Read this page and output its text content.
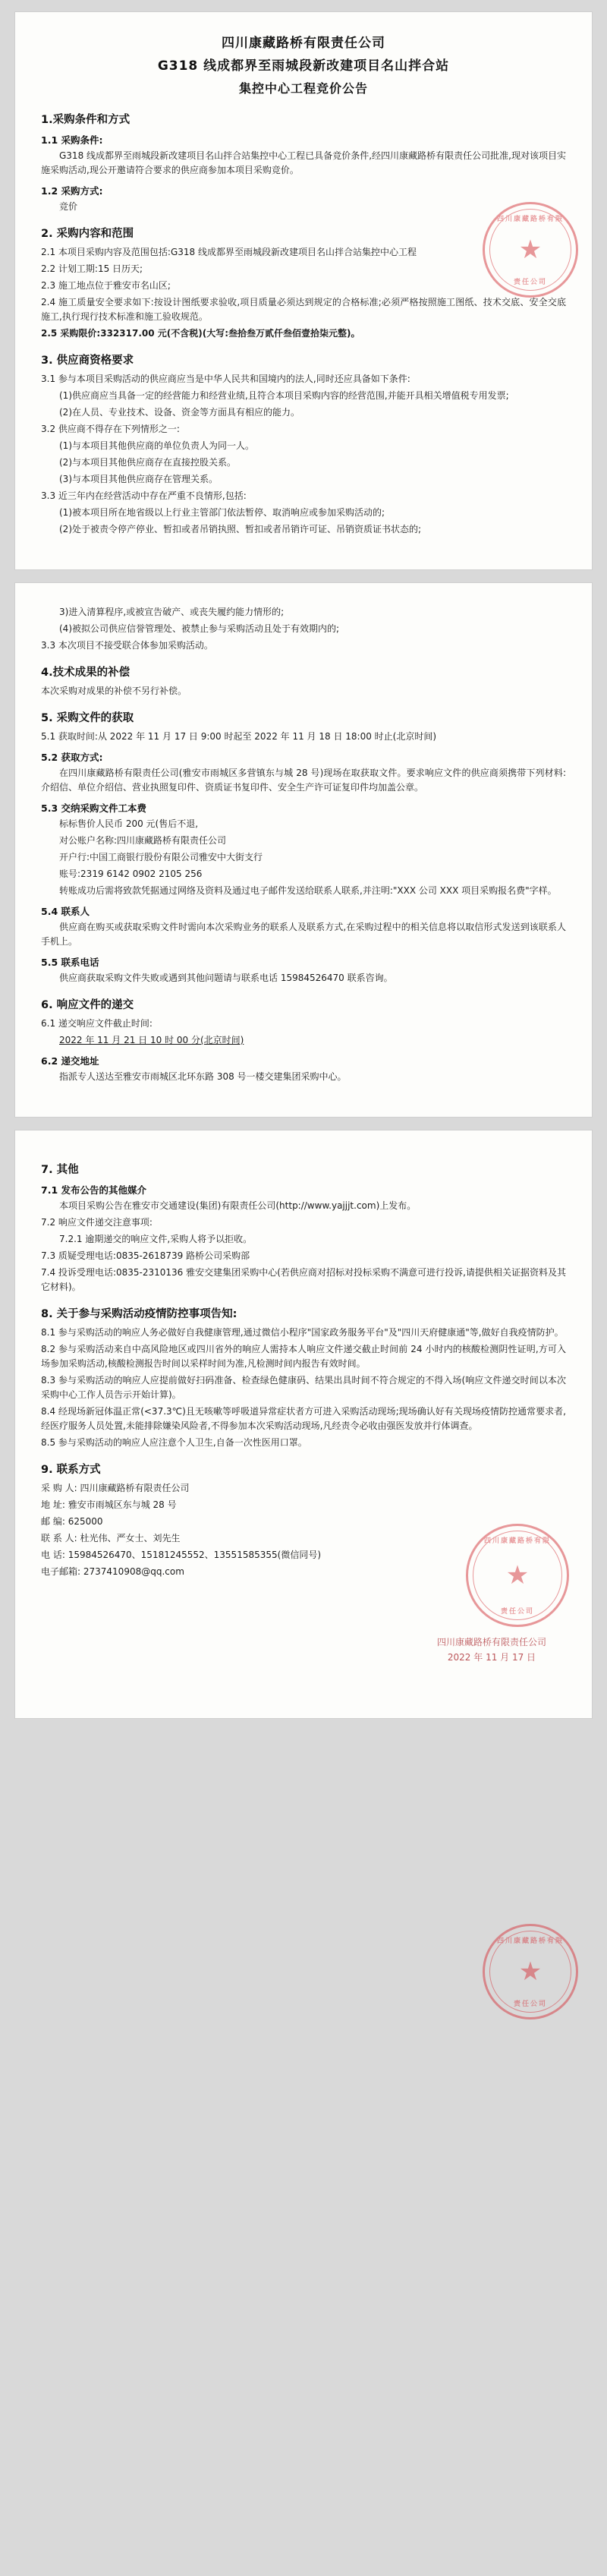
四川康藏路桥有限
★
责任公司
四川康藏路桥有限责任公司
G318 线成都界至雨城段新改建项目名山拌合站
集控中心工程竞价公告
1.采购条件和方式
1.1 采购条件:

G318 线成都界至雨城段新改建项目名山拌合站集控中心工程已具备竞价条件,经四川康藏路桥有限责任公司批准,现对该项目实施采购活动,现公开邀请符合要求的供应商参加本项目采购竞价。

1.2 采购方式:

竞价

2. 采购内容和范围

2.1 本项目采购内容及范围包括:G318 线成都界至雨城段新改建项目名山拌合站集控中心工程

2.2 计划工期:15 日历天;

2.3 施工地点位于雅安市名山区;

2.4 施工质量安全要求如下:按设计图纸要求验收,项目质量必须达到规定的合格标准;必须严格按照施工图纸、技术交底、安全交底施工,执行现行技术标准和施工验收规范。

2.5 采购限价:332317.00 元(不含税)(大写:叁拾叁万贰仟叁佰壹拾柒元整)。

3. 供应商资格要求

3.1 参与本项目采购活动的供应商应当是中华人民共和国境内的法人,同时还应具备如下条件:

(1)供应商应当具备一定的经营能力和经营业绩,且符合本项目采购内容的经营范围,并能开具相关增值税专用发票;

(2)在人员、专业技术、设备、资金等方面具有相应的能力。

3.2 供应商不得存在下列情形之一:

(1)与本项目其他供应商的单位负责人为同一人。

(2)与本项目其他供应商存在直接控股关系。

(3)与本项目其他供应商存在管理关系。

3.3 近三年内在经营活动中存在严重不良情形,包括:

(1)被本项目所在地省级以上行业主管部门依法暂停、取消响应或参加采购活动的;

(2)处于被责令停产停业、暂扣或者吊销执照、暂扣或者吊销许可证、吊销资质证书状态的;

3)进入清算程序,或被宣告破产、或丧失履约能力情形的;

(4)被拟公司供应信誉管理处、被禁止参与采购活动且处于有效期内的;

3.3 本次项目不接受联合体参加采购活动。

4.技术成果的补偿

本次采购对成果的补偿不另行补偿。

5. 采购文件的获取

5.1 获取时间:从 2022 年 11 月 17 日 9:00 时起至 2022 年 11 月 18 日 18:00 时止(北京时间)

5.2 获取方式:

在四川康藏路桥有限责任公司(雅安市雨城区多营镇东与城 28 号)现场在取获取文件。要求响应文件的供应商须携带下列材料:介绍信、单位介绍信、营业执照复印件、资质证书复印件、安全生产许可证复印件均加盖公章。

5.3 交纳采购文件工本费

标标售价人民币 200 元(售后不退,

对公账户名称:四川康藏路桥有限责任公司

开户行:中国工商银行股份有限公司雅安中大街支行

账号:2319 6142 0902 2105 256

转账成功后需将致款凭据通过网络及资料及通过电子邮件发送给联系人联系,并注明:"XXX 公司 XXX 项目采购报名费"字样。

5.4 联系人

供应商在购买或获取采购文件时需向本次采购业务的联系人及联系方式,在采购过程中的相关信息将以取信形式发送到该联系人手机上。

5.5 联系电话

供应商获取采购文件失败或遇到其他问题请与联系电话 15984526470 联系咨询。

6. 响应文件的递交

6.1 递交响应文件截止时间:

2022 年 11 月 21 日 10 时 00 分(北京时间)

6.2 递交地址

指派专人送达至雅安市雨城区北环东路 308 号一楼交建集团采购中心。

四川康藏路桥有限
★
责任公司
7. 其他
7.1 发布公告的其他媒介

本项目采购公告在雅安市交通建设(集团)有限责任公司(http://www.yajjjt.com)上发布。

7.2 响应文件递交注意事项:

7.2.1 逾期递交的响应文件,采购人将予以拒收。

7.3 质疑受理电话:0835-2618739 路桥公司采购部

7.4 投诉受理电话:0835-2310136 雅安交建集团采购中心(若供应商对招标对投标采购不满意可进行投诉,请提供相关证据资料及其它材料)。

8. 关于参与采购活动疫情防控事项告知:

8.1 参与采购活动的响应人务必做好自我健康管理,通过微信小程序"国家政务服务平台"及"四川天府健康通"等,做好自我疫情防护。

8.2 参与采购活动来自中高风险地区或四川省外的响应人需持本人响应文件递交截止时间前 24 小时内的核酸检测阴性证明,方可入场参加采购活动,核酸检测报告时间以采样时间为准,凡检测时间内报告有效时间。

8.3 参与采购活动的响应人应提前做好扫码准备、检查绿色健康码、结果出具时间不符合规定的不得入场(响应文件递交时间以本次采购中心工作人员告示开始计算)。

8.4 经现场新冠体温正常(<37.3℃)且无咳嗽等呼吸道异常症状者方可进入采购活动现场;现场确认好有关现场疫情防控通常要求者,经医疗服务人员处置,未能排除嫌染风险者,不得参加本次采购活动现场,凡经责令必收由强医发放并行体调查。

8.5 参与采购活动的响应人应注意个人卫生,自备一次性医用口罩。

9. 联系方式

采 购 人: 四川康藏路桥有限责任公司

地 址: 雅安市雨城区东与城 28 号

邮 编: 625000

联 系 人: 杜光伟、严女士、刘先生

电 话: 15984526470、15181245552、13551585355(微信同号)

电子邮箱: 2737410908@qq.com

四川康藏路桥有限责任公司
2022 年 11 月 17 日
四川康藏路桥有限
★
责任公司
